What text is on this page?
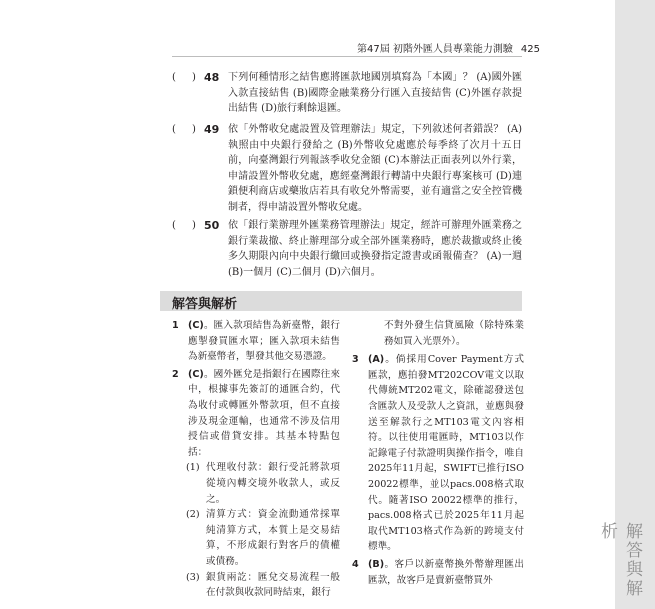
第47屆 初階外匯人員專業能力測驗 425
解答與解析
( ) 48 下列何種情形之結售應將匯款地國別填寫為「本國」？ (A)國外匯入款直接結售 (B)國際金融業務分行匯入直接結售 (C)外匯存款提出結售 (D)旅行剩餘退匯。
( ) 49 依「外幣收兌處設置及管理辦法」規定，下列敘述何者錯誤？ (A)執照由中央銀行發給之 (B)外幣收兌處應於每季終了次月十五日前，向臺灣銀行列報該季收兌金額 (C)本辦法正面表列以外行業，申請設置外幣收兌處，應經臺灣銀行轉請中央銀行專案核可 (D)連鎖便利商店或藥妝店若具有收兌外幣需要，並有適當之安全控管機 制者，得申請設置外幣收兌處。
( ) 50 依「銀行業辦理外匯業務管理辦法」規定，經許可辦理外匯業務之銀行業裁撤、終止辦理部分或全部外匯業務時，應於裁撤或終止後多久期限內向中央銀行繳回或換發指定證書或函報備查？ (A)一週 (B)一個月 (C)二個月 (D)六個月。
解答與解析
1 (C)。匯入款項結售為新臺幣，銀行應掣發買匯水單；匯入款項未結售為新臺幣者，掣發其他交易憑證。
2 (C)。國外匯兌是指銀行在國際往來中，根據事先簽訂的通匯合約，代為收付或轉匯外幣款項，但不直接涉及現金運輸，也通常不涉及信用授信或借貸安排。其基本特點包括：
(1) 代理收付款：銀行受託將款項從境內轉交境外收款人，或反之。
(2) 清算方式：資金流動通常採單純清算方式，本質上是交易結算，不形成銀行對客戶的債權或債務。
(3) 銀貨兩訖：匯兌交易流程一般在付款與收款同時結束，銀行
不對外發生信貸風險（除特殊業務如買入光票外）。
3 (A)。倘採用Cover Payment方式匯款，應拍發MT202COV電文以取代傳統MT202電文，除確認發送包含匯款人及受款人之資訊，並應與發送至解款行之MT103電文內容相符。以往使用電匯時，MT103以作記錄電子付款證明與操作指令，唯自2025年11月起，SWIFT已推行ISO 20022標準，並以pacs.008格式取代。隨著ISO 20022標準的推行，pacs.008格式已於2025年11月起取代MT103格式作為新的跨境支付標準。
4 (B)。客戶以新臺幣換外幣辦理匯出匯款，故客戶是賣新臺幣買外
